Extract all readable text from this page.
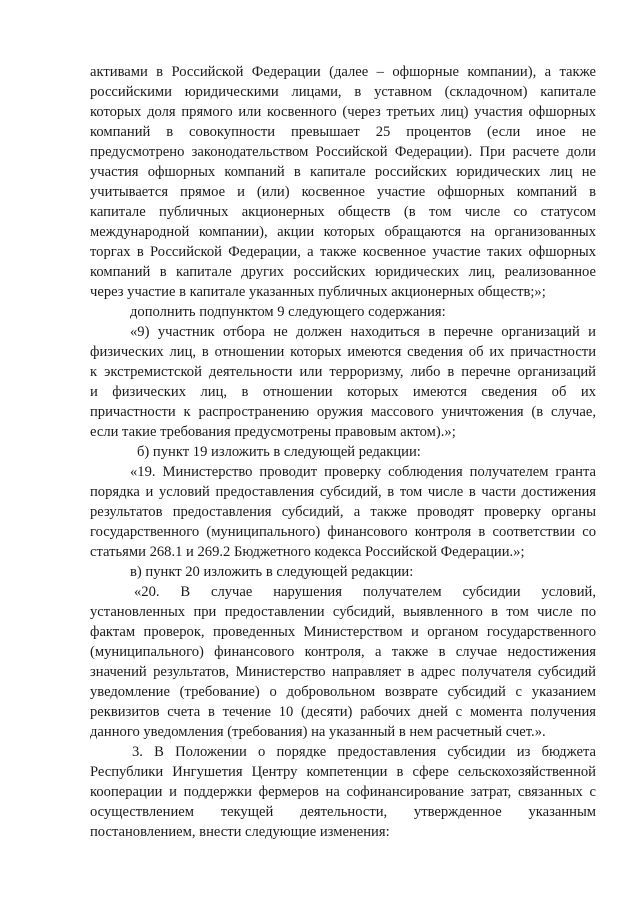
активами в Российской Федерации (далее – офшорные компании), а также
российскими юридическими лицами, в уставном (складочном) капитале
которых доля прямого или косвенного (через третьих лиц) участия офшорных
компаний в совокупности превышает 25 процентов (если иное не
предусмотрено законодательством Российской Федерации). При расчете доли
участия офшорных компаний в капитале российских юридических лиц не
учитывается прямое и (или) косвенное участие офшорных компаний в
капитале публичных акционерных обществ (в том числе со статусом
международной компании), акции которых обращаются на организованных
торгах в Российской Федерации, а также косвенное участие таких офшорных
компаний в капитале других российских юридических лиц, реализованное
через участие в капитале указанных публичных акционерных обществ;»;
дополнить подпунктом 9 следующего содержания:
«9) участник отбора не должен находиться в перечне организаций и
физических лиц, в отношении которых имеются сведения об их причастности
к экстремистской деятельности или терроризму, либо в перечне организаций
и физических лиц, в отношении которых имеются сведения об их
причастности к распространению оружия массового уничтожения (в случае,
если такие требования предусмотрены правовым актом).»;
б) пункт 19 изложить в следующей редакции:
«19. Министерство проводит проверку соблюдения получателем гранта
порядка и условий предоставления субсидий, в том числе в части достижения
результатов предоставления субсидий, а также проводят проверку органы
государственного (муниципального) финансового контроля в соответствии со
статьями 268.1 и 269.2 Бюджетного кодекса Российской Федерации.»;
в) пункт 20 изложить в следующей редакции:
«20. В случае нарушения получателем субсидии условий,
установленных при предоставлении субсидий, выявленного в том числе по
фактам проверок, проведенных Министерством и органом государственного
(муниципального) финансового контроля, а также в случае недостижения
значений результатов, Министерство направляет в адрес получателя субсидий
уведомление (требование) о добровольном возврате субсидий с указанием
реквизитов счета в течение 10 (десяти) рабочих дней с момента получения
данного уведомления (требования) на указанный в нем расчетный счет.».
3. В Положении о порядке предоставления субсидии из бюджета
Республики Ингушетия Центру компетенции в сфере сельскохозяйственной
кооперации и поддержки фермеров на софинансирование затрат, связанных с
осуществлением текущей деятельности, утвержденное указанным
постановлением, внести следующие изменения:
